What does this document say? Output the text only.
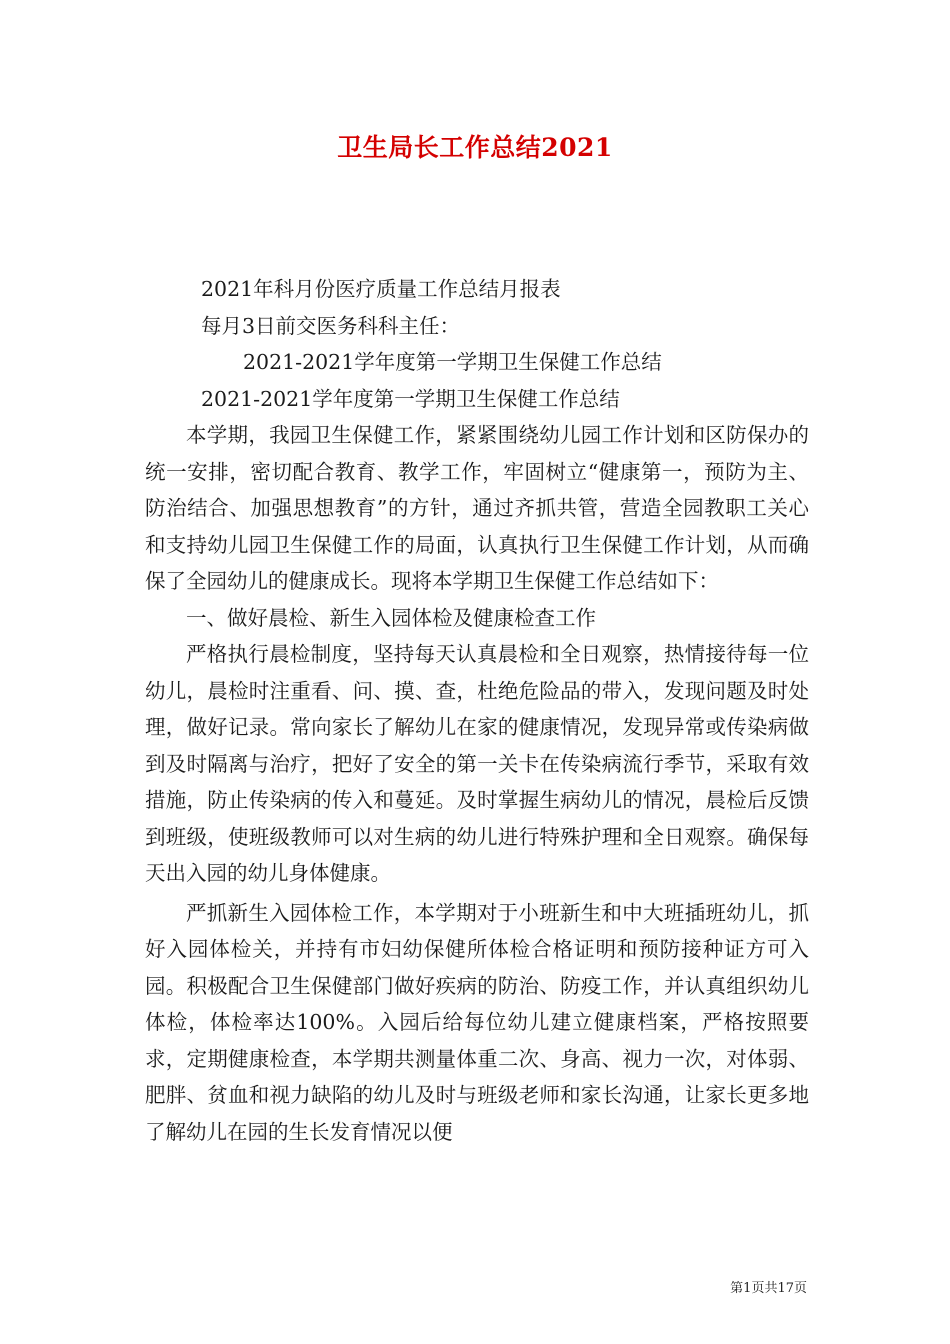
卫生局长工作总结2021
2021年科月份医疗质量工作总结月报表
每月3日前交医务科科主任：
2021-2021学年度第一学期卫生保健工作总结
2021-2021学年度第一学期卫生保健工作总结

本学期，我园卫生保健工作，紧紧围绕幼儿园工作计划和区防保办的统一安排，密切配合教育、教学工作，牢固树立“健康第一，预防为主、防治结合、加强思想教育”的方针，通过齐抓共管，营造全园教职工关心和支持幼儿园卫生保健工作的局面，认真执行卫生保健工作计划，从而确保了全园幼儿的健康成长。现将本学期卫生保健工作总结如下：

一、做好晨检、新生入园体检及健康检查工作

严格执行晨检制度，坚持每天认真晨检和全日观察，热情接待每一位幼儿，晨检时注重看、问、摸、查，杜绝危险品的带入，发现问题及时处理，做好记录。常向家长了解幼儿在家的健康情况，发现异常或传染病做到及时隔离与治疗，把好了安全的第一关卡在传染病流行季节，采取有效措施，防止传染病的传入和蔓延。及时掌握生病幼儿的情况，晨检后反馈到班级，使班级教师可以对生病的幼儿进行特殊护理和全日观察。确保每天出入园的幼儿身体健康。

严抓新生入园体检工作，本学期对于小班新生和中大班插班幼儿，抓好入园体检关，并持有市妇幼保健所体检合格证明和预防接种证方可入园。积极配合卫生保健部门做好疾病的防治、防疫工作，并认真组织幼儿体检，体检率达100%。入园后给每位幼儿建立健康档案，严格按照要求，定期健康检查，本学期共测量体重二次、身高、视力一次，对体弱、肥胖、贫血和视力缺陷的幼儿及时与班级老师和家长沟通，让家长更多地了解幼儿在园的生长发育情况以便

第1页共17页
